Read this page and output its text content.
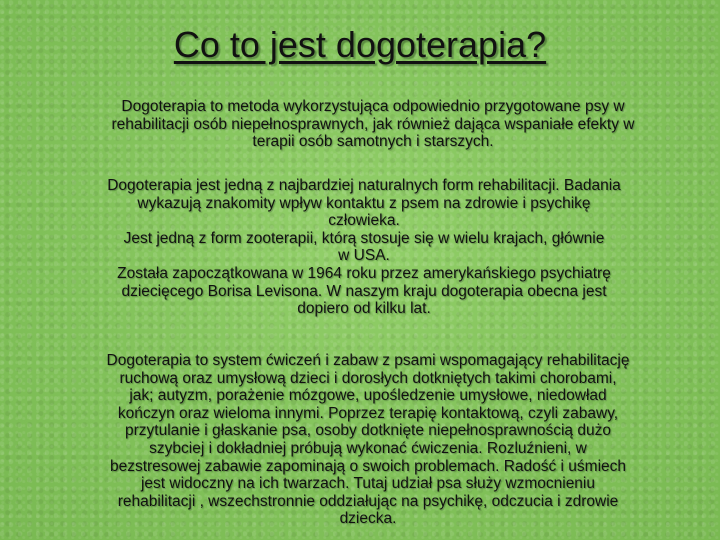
Co to jest dogoterapia?

Dogoterapia to metoda wykorzystująca odpowiednio przygotowane psy w
rehabilitacji osób niepełnosprawnych, jak również dająca wspaniałe efekty w
terapii osób samotnych i starszych.

Dogoterapia jest jedną z najbardziej naturalnych form rehabilitacji. Badania
wykazują znakomity wpływ kontaktu z psem na zdrowie i psychikę
człowieka.
Jest jedną z form zooterapii, którą stosuje się w wielu krajach, głównie
w USA.
Została zapoczątkowana w 1964 roku przez amerykańskiego psychiatrę
dziecięcego Borisa Levisona. W naszym kraju dogoterapia obecna jest
dopiero od kilku lat.

Dogoterapia to system ćwiczeń i zabaw z psami wspomagający rehabilitację
ruchową oraz umysłową dzieci i dorosłych dotkniętych takimi chorobami,
jak; autyzm, porażenie mózgowe, upośledzenie umysłowe, niedowład
kończyn oraz wieloma innymi. Poprzez terapię kontaktową, czyli zabawy,
przytulanie i głaskanie psa, osoby dotknięte niepełnosprawnością dużo
szybciej i dokładniej próbują wykonać ćwiczenia. Rozluźnieni, w
bezstresowej zabawie zapominają o swoich problemach. Radość i uśmiech
jest widoczny na ich twarzach. Tutaj udział psa służy wzmocnieniu
rehabilitacji , wszechstronnie oddziałując na psychikę, odczucia i zdrowie
dziecka.
